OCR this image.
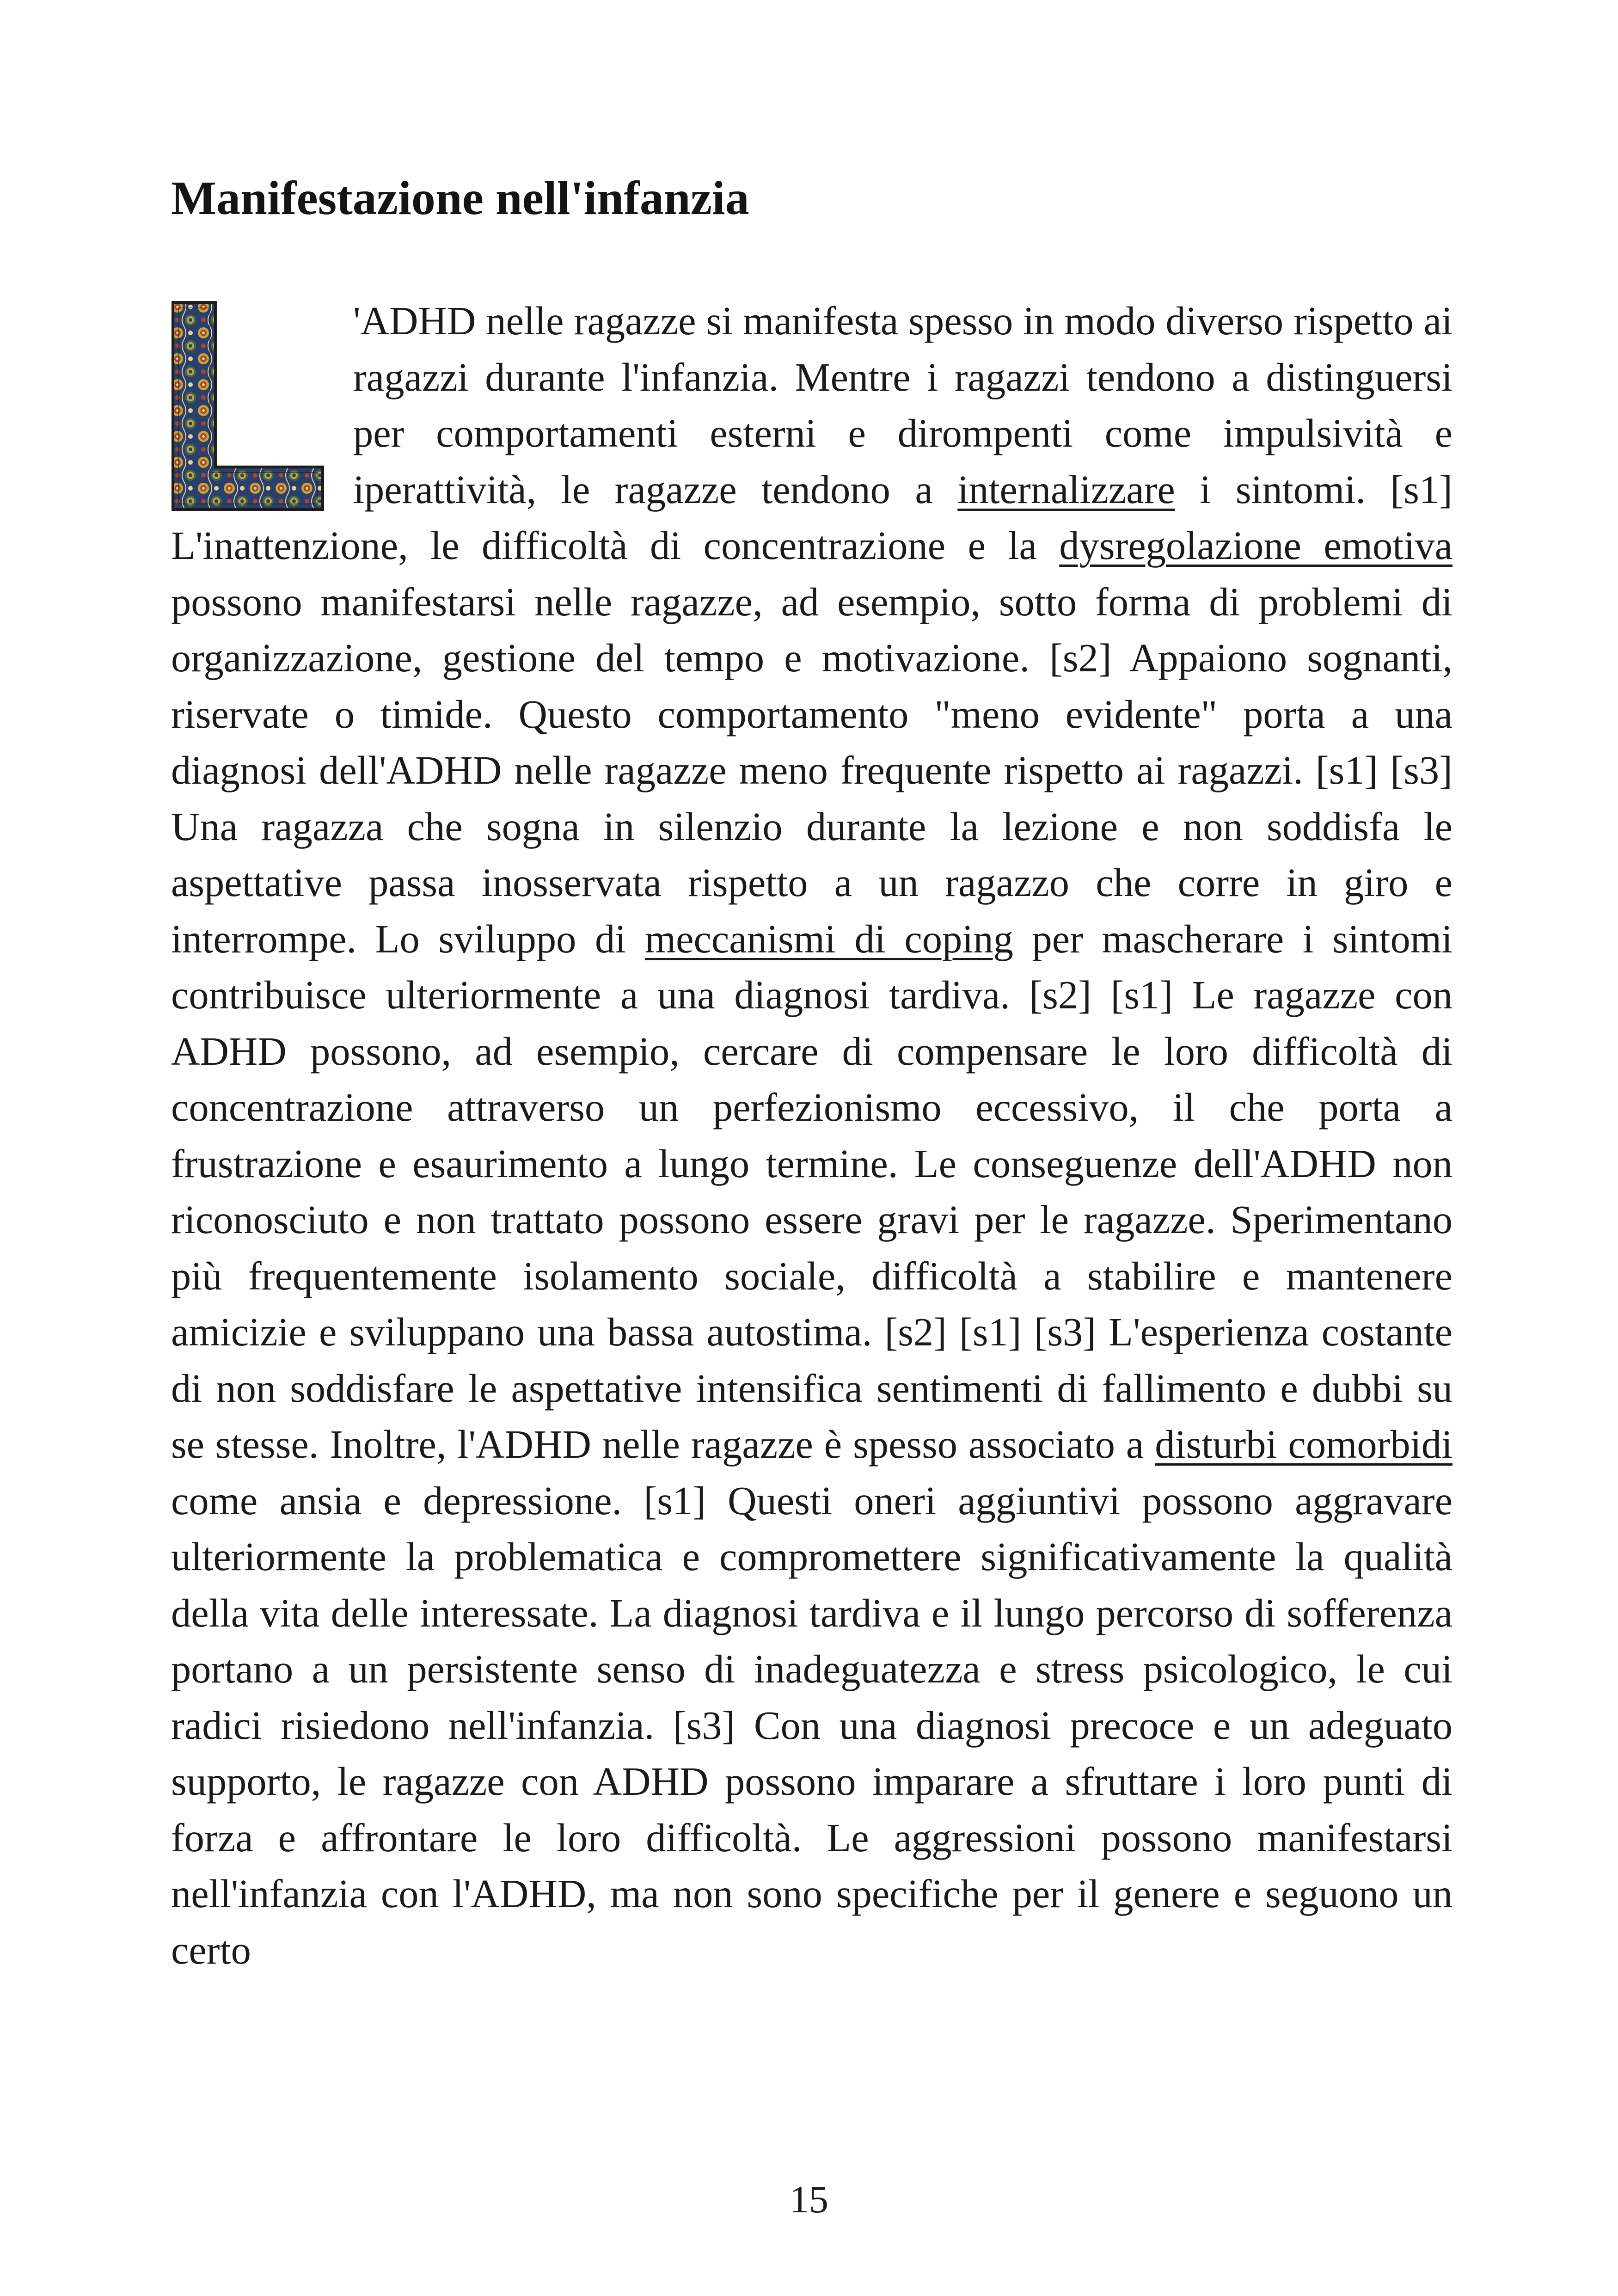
Manifestazione nell'infanzia

'ADHD nelle ragazze si manifesta spesso in modo diverso rispetto ai ragazzi durante l'infanzia. Mentre i ragazzi tendono a distinguersi per comportamenti esterni e dirompenti come impulsività e iperattività, le ragazze tendono a internalizzare i sintomi. [s1] L'inattenzione, le difficoltà di concentrazione e la dysregolazione emotiva possono manifestarsi nelle ragazze, ad esempio, sotto forma di problemi di organizzazione, gestione del tempo e motivazione. [s2] Appaiono sognanti, riservate o timide. Questo comportamento "meno evidente" porta a una diagnosi dell'ADHD nelle ragazze meno frequente rispetto ai ragazzi. [s1] [s3] Una ragazza che sogna in silenzio durante la lezione e non soddisfa le aspettative passa inosservata rispetto a un ragazzo che corre in giro e interrompe. Lo sviluppo di meccanismi di coping per mascherare i sintomi contribuisce ulteriormente a una diagnosi tardiva. [s2] [s1] Le ragazze con ADHD possono, ad esempio, cercare di compensare le loro difficoltà di concentrazione attraverso un perfezionismo eccessivo, il che porta a frustrazione e esaurimento a lungo termine. Le conseguenze dell'ADHD non riconosciuto e non trattato possono essere gravi per le ragazze. Sperimentano più frequentemente isolamento sociale, difficoltà a stabilire e mantenere amicizie e sviluppano una bassa autostima. [s2] [s1] [s3] L'esperienza costante di non soddisfare le aspettative intensifica sentimenti di fallimento e dubbi su se stesse. Inoltre, l'ADHD nelle ragazze è spesso associato a disturbi comorbidi come ansia e depressione. [s1] Questi oneri aggiuntivi possono aggravare ulteriormente la problematica e compromettere significativamente la qualità della vita delle interessate. La diagnosi tardiva e il lungo percorso di sofferenza portano a un persistente senso di inadeguatezza e stress psicologico, le cui radici risiedono nell'infanzia. [s3] Con una diagnosi precoce e un adeguato supporto, le ragazze con ADHD possono imparare a sfruttare i loro punti di forza e affrontare le loro difficoltà. Le aggressioni possono manifestarsi nell'infanzia con l'ADHD, ma non sono specifiche per il genere e seguono un certo

15
